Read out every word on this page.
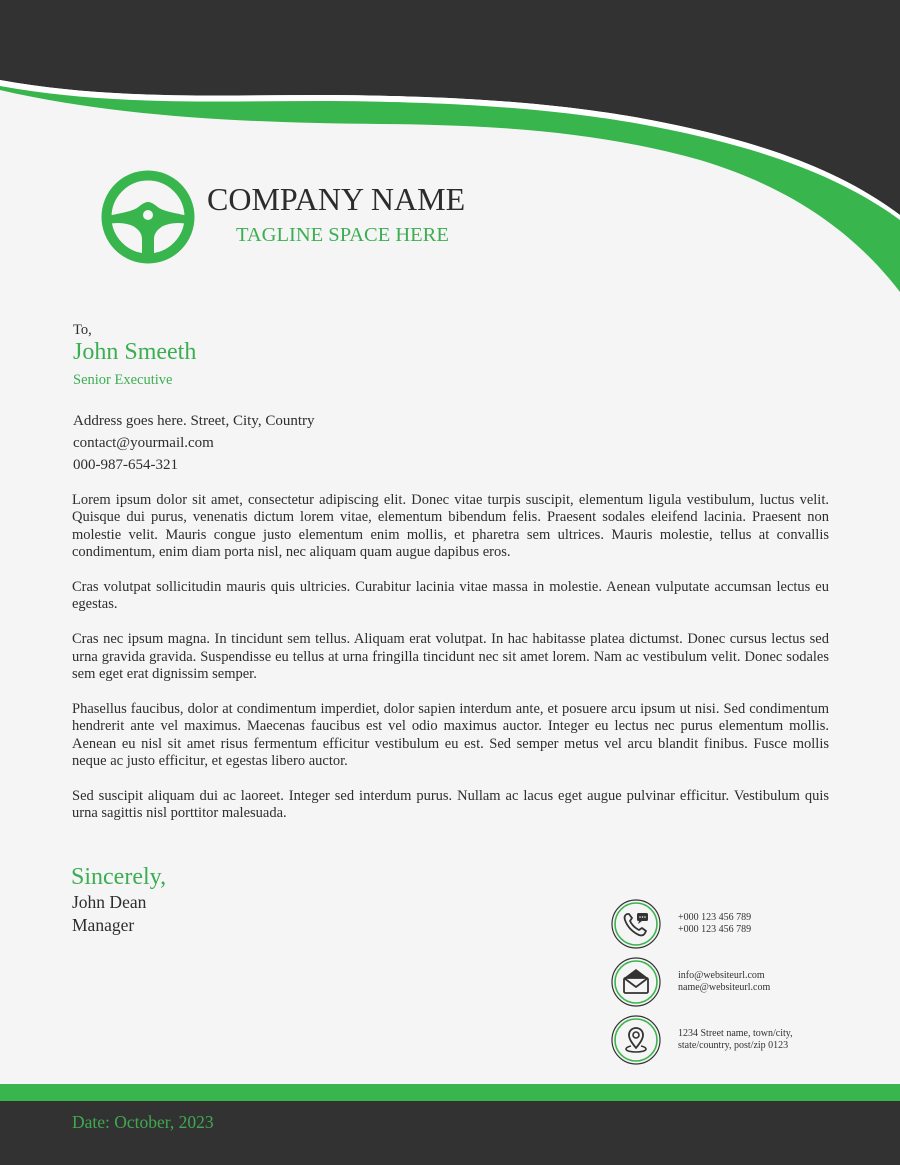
COMPANY NAME
TAGLINE SPACE HERE
To,
John Smeeth
Senior Executive
Address goes here. Street, City, Country
contact@yourmail.com
000-987-654-321

Lorem ipsum dolor sit amet, consectetur adipiscing elit. Donec vitae turpis suscipit, elementum ligula vestibulum, luctus velit. Quisque dui purus, venenatis dictum lorem vitae, elementum bibendum felis. Praesent sodales eleifend lacinia. Praesent non molestie velit. Mauris congue justo elementum enim mollis, et pharetra sem ultrices. Mauris molestie, tellus at convallis condimentum, enim diam porta nisl, nec aliquam quam augue dapibus eros.

Cras volutpat sollicitudin mauris quis ultricies. Curabitur lacinia vitae massa in molestie. Aenean vulputate accumsan lectus eu egestas.

Cras nec ipsum magna. In tincidunt sem tellus. Aliquam erat volutpat. In hac habitasse platea dictumst. Donec cursus lectus sed urna gravida gravida. Suspendisse eu tellus at urna fringilla tincidunt nec sit amet lorem. Nam ac vestibulum velit. Donec sodales sem eget erat dignissim semper.

Phasellus faucibus, dolor at condimentum imperdiet, dolor sapien interdum ante, et posuere arcu ipsum ut nisi. Sed condimentum hendrerit ante vel maximus. Maecenas faucibus est vel odio maximus auctor. Integer eu lectus nec purus elementum mollis. Aenean eu nisl sit amet risus fermentum efficitur vestibulum eu est. Sed semper metus vel arcu blandit finibus. Fusce mollis neque ac justo efficitur, et egestas libero auctor.

Sed suscipit aliquam dui ac laoreet. Integer sed interdum purus. Nullam ac lacus eget augue pulvinar efficitur. Vestibulum quis urna sagittis nisl porttitor malesuada.

Sincerely,
John Dean
Manager	+000 123 456 789
+000 123 456 789
info@websiteurl.com
name@websiteurl.com
1234 Street name, town/city,
state/country, post/zip 0123
Date: October, 2023
